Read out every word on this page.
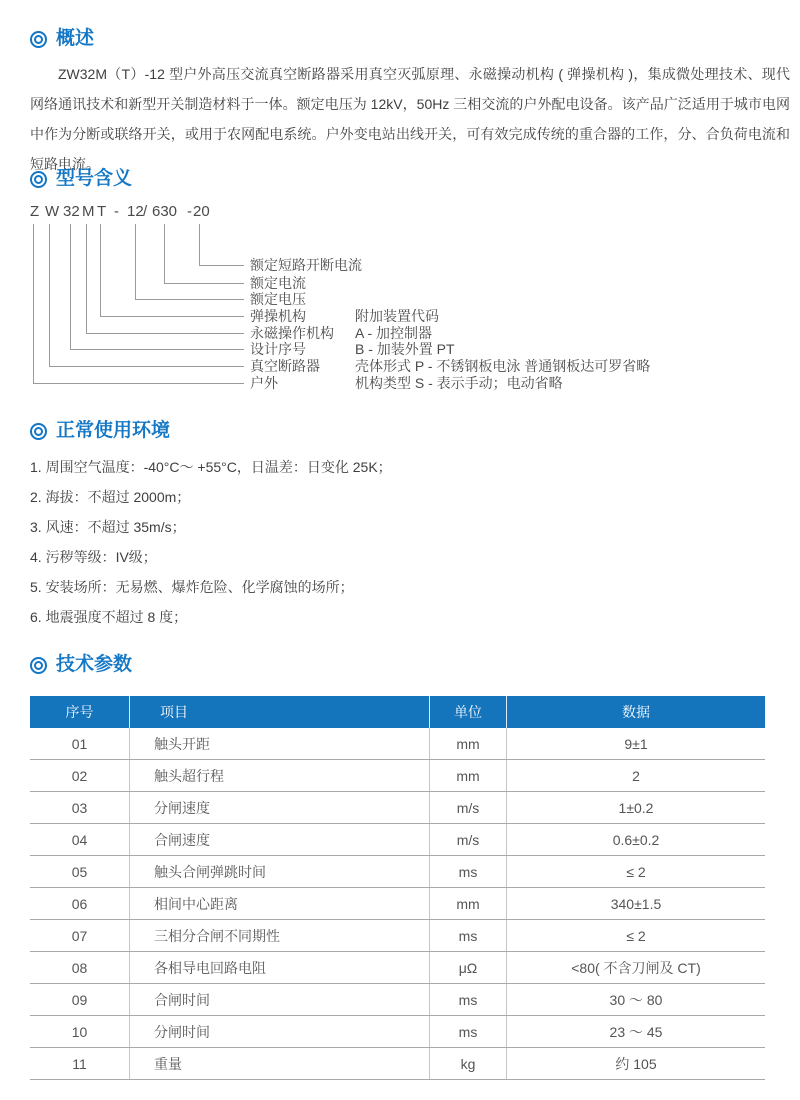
概述
ZW32M（T）-12 型户外高压交流真空断路器采用真空灭弧原理、永磁操动机构 ( 弹操机构 )，集成微处理技术、现代网络通讯技术和新型开关制造材料于一体。额定电压为 12kV，50Hz 三相交流的户外配电设备。该产品广泛适用于城市电网中作为分断或联络开关，或用于农网配电系统。户外变电站出线开关，可有效完成传统的重合器的工作，分、合负荷电流和短路电流。
型号含义
Z W 32 M T - 12 / 630 - 20
额定短路开断电流
额定电流
额定电压
弹操机构
永磁操作机构
设计序号
真空断路器
户外
附加装置代码
A - 加控制器
B - 加装外置 PT
壳体形式 P - 不锈钢板电泳 普通钢板达可罗省略
机构类型 S - 表示手动；电动省略
正常使用环境
1. 周围空气温度：-40°C～ +55°C，日温差：日变化 25K；
2. 海拔：不超过 2000m；
3. 风速：不超过 35m/s；
4. 污秽等级：IV级；
5. 安装场所：无易燃、爆炸危险、化学腐蚀的场所；
6. 地震强度不超过 8 度；
技术参数
序号	项目	单位	数据
01	触头开距	mm	9±1
02	触头超行程	mm	2
03	分闸速度	m/s	1±0.2
04	合闸速度	m/s	0.6±0.2
05	触头合闸弹跳时间	ms	≤ 2
06	相间中心距离	mm	340±1.5
07	三相分合闸不同期性	ms	≤ 2
08	各相导电回路电阻	μΩ	<80( 不含刀闸及 CT)
09	合闸时间	ms	30 ～ 80
10	分闸时间	ms	23 ～ 45
11	重量	kg	约 105
